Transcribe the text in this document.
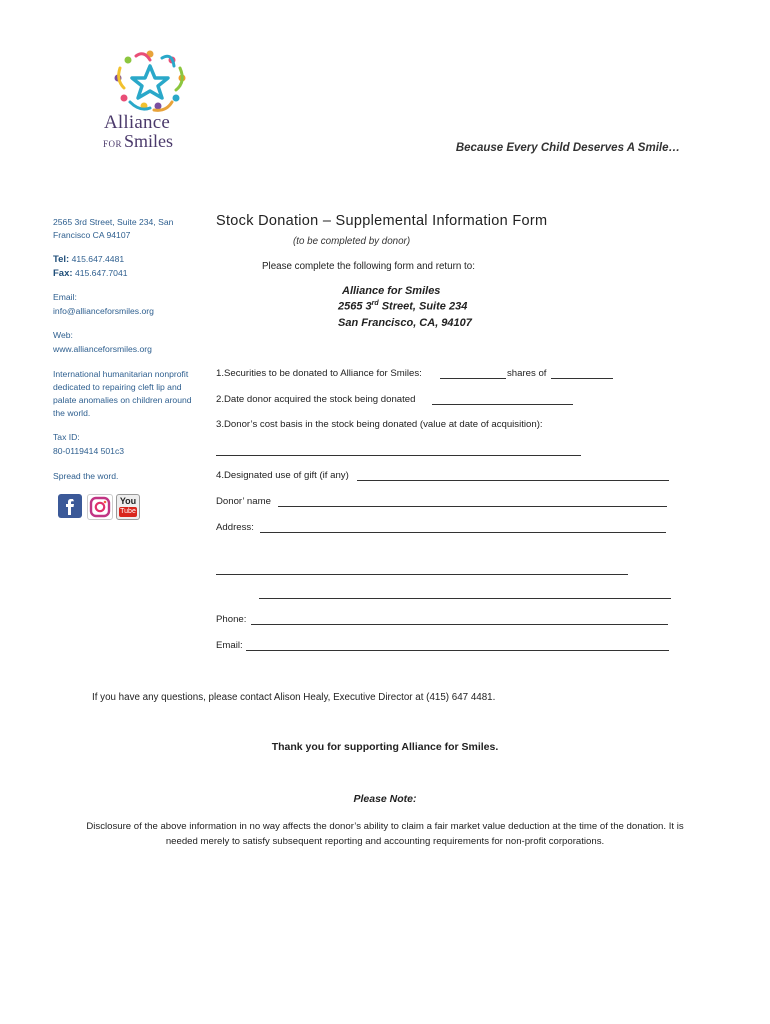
Alliance
FOR Smiles	Because Every Child Deserves A Smile…
2565 3rd Street, Suite 234, San Francisco CA 94107
Tel: 415.647.4481
Fax: 415.647.7041
Email:
info@allianceforsmiles.org
Web:
www.allianceforsmiles.org
International humanitarian nonprofit dedicated to repairing cleft lip and palate anomalies on children around the world.
Tax ID:
80-0119414 501c3
Spread the word.
You
Tube
Stock Donation – Supplemental Information Form
(to be completed by donor)
Please complete the following form and return to:
Alliance for Smiles
2565 3rd Street, Suite 234
San Francisco, CA, 94107
1.Securities to be donated to Alliance for Smiles:	shares of
2.Date donor acquired the stock being donated
3.Donor’s cost basis in the stock being donated (value at date of acquisition):
4.Designated use of gift (if any)
Donor’ name
Address:
Phone:
Email:
If you have any questions, please contact Alison Healy, Executive Director at (415) 647 4481.
Thank you for supporting Alliance for Smiles.
Please Note:
Disclosure of the above information in no way affects the donor’s ability to claim a fair market value deduction at the time of the donation. It is needed merely to satisfy subsequent reporting and accounting requirements for non-profit corporations.
